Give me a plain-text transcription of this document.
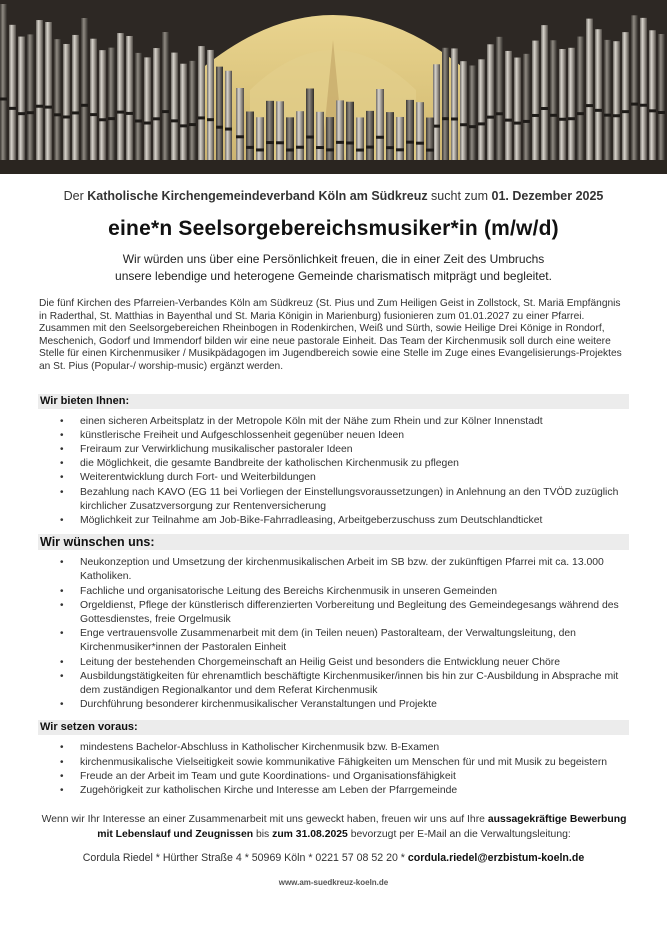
Der Katholische Kirchengemeindeverband Köln am Südkreuz sucht zum 01. Dezember 2025
eine*n Seelsorgebereichsmusiker*in (m/w/d)
Wir würden uns über eine Persönlichkeit freuen, die in einer Zeit des Umbruchs
unsere lebendige und heterogene Gemeinde charismatisch mitprägt und begleitet.
Die fünf Kirchen des Pfarreien-Verbandes Köln am Südkreuz (St. Pius und Zum Heiligen Geist in Zollstock, St. Mariä Empfängnis in Raderthal, St. Matthias in Bayenthal und St. Maria Königin in Marienburg) fusionieren zum 01.01.2027 zu einer Pfarrei. Zusammen mit den Seelsorgebereichen Rheinbogen in Rodenkirchen, Weiß und Sürth, sowie Heilige Drei Könige in Rondorf, Meschenich, Godorf und Immendorf bilden wir eine neue pastorale Einheit. Das Team der Kirchenmusik soll durch eine weitere Stelle für einen Kirchenmusiker / Musikpädagogen im Jugendbereich sowie eine Stelle im Zuge eines Evangelisierungs-Projektes an St. Pius (Popular-/ worship-music) ergänzt werden.
Wir bieten Ihnen:
• einen sicheren Arbeitsplatz in der Metropole Köln mit der Nähe zum Rhein und zur Kölner Innenstadt
• künstlerische Freiheit und Aufgeschlossenheit gegenüber neuen Ideen
• Freiraum zur Verwirklichung musikalischer pastoraler Ideen
• die Möglichkeit, die gesamte Bandbreite der katholischen Kirchenmusik zu pflegen
• Weiterentwicklung durch Fort- und Weiterbildungen
• Bezahlung nach KAVO (EG 11 bei Vorliegen der Einstellungsvoraussetzungen) in Anlehnung an den TVÖD zuzüglich kirchlicher Zusatzversorgung zur Rentenversicherung
• Möglichkeit zur Teilnahme am Job-Bike-Fahrradleasing, Arbeitgeberzuschuss zum Deutschlandticket
Wir wünschen uns:
• Neukonzeption und Umsetzung der kirchenmusikalischen Arbeit im SB bzw. der zukünftigen Pfarrei mit ca. 13.000 Katholiken.
• Fachliche und organisatorische Leitung des Bereichs Kirchenmusik in unseren Gemeinden
• Orgeldienst, Pflege der künstlerisch differenzierten Vorbereitung und Begleitung des Gemeindegesangs während des Gottesdienstes, freie Orgelmusik
• Enge vertrauensvolle Zusammenarbeit mit dem (in Teilen neuen) Pastoralteam, der Verwaltungsleitung, den Kirchenmusiker*innen der Pastoralen Einheit
• Leitung der bestehenden Chorgemeinschaft an Heilig Geist und besonders die Entwicklung neuer Chöre
• Ausbildungstätigkeiten für ehrenamtlich beschäftigte Kirchenmusiker/innen bis hin zur C-Ausbildung in Absprache mit dem zuständigen Regionalkantor und dem Referat Kirchenmusik
• Durchführung besonderer kirchenmusikalischer Veranstaltungen und Projekte
Wir setzen voraus:
• mindestens Bachelor-Abschluss in Katholischer Kirchenmusik bzw. B-Examen
• kirchenmusikalische Vielseitigkeit sowie kommunikative Fähigkeiten um Menschen für und mit Musik zu begeistern
• Freude an der Arbeit im Team und gute Koordinations- und Organisationsfähigkeit
• Zugehörigkeit zur katholischen Kirche und Interesse am Leben der Pfarrgemeinde
Wenn wir Ihr Interesse an einer Zusammenarbeit mit uns geweckt haben, freuen wir uns auf Ihre aussagekräftige Bewerbung mit Lebenslauf und Zeugnissen bis zum 31.08.2025 bevorzugt per E-Mail an die Verwaltungsleitung:
Cordula Riedel * Hürther Straße 4 * 50969 Köln * 0221 57 08 52 20 * cordula.riedel@erzbistum-koeln.de
www.am-suedkreuz-koeln.de
